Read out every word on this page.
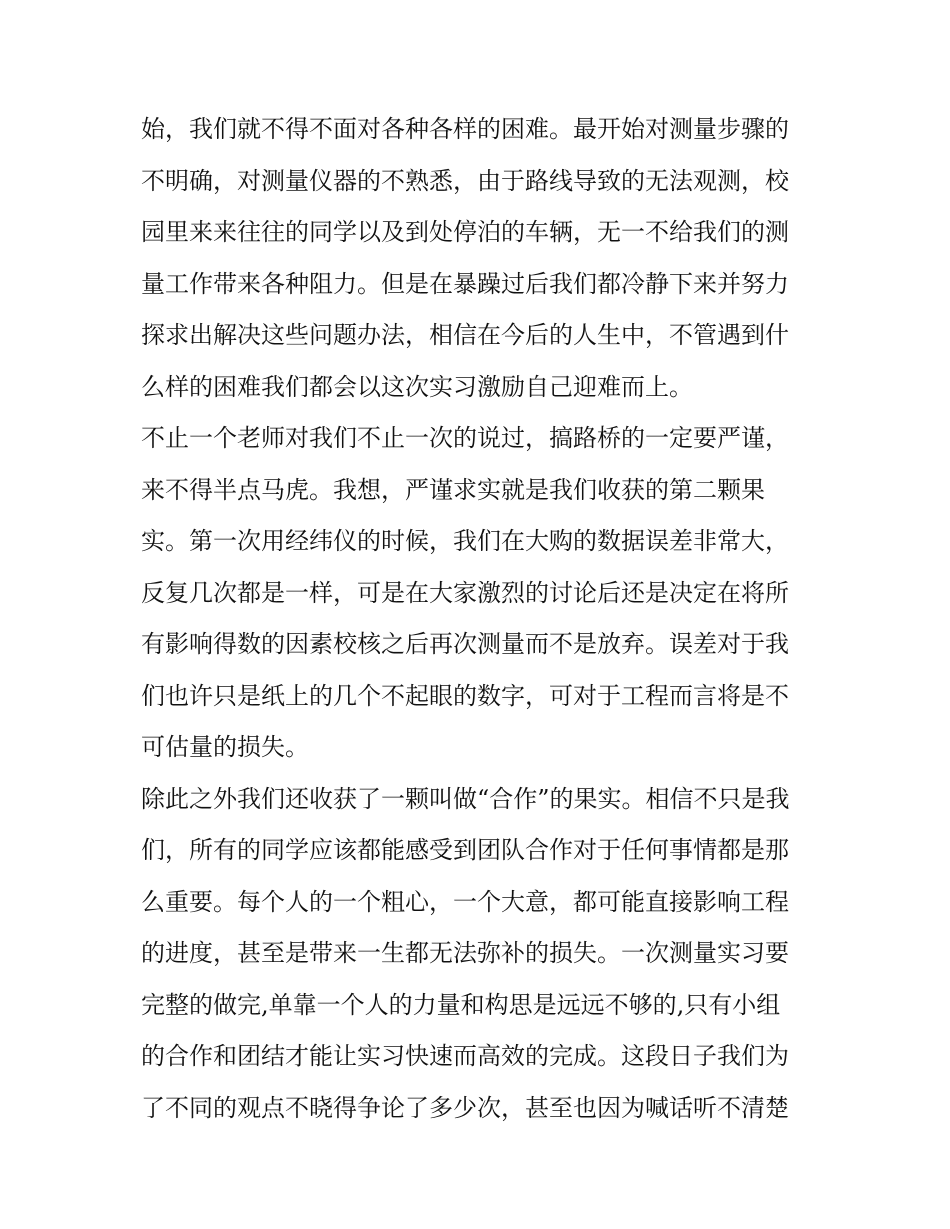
始，我们就不得不面对各种各样的困难。最开始对测量步骤的
不明确，对测量仪器的不熟悉，由于路线导致的无法观测，校
园里来来往往的同学以及到处停泊的车辆，无一不给我们的测
量工作带来各种阻力。但是在暴躁过后我们都冷静下来并努力
探求出解决这些问题办法，相信在今后的人生中，不管遇到什
么样的困难我们都会以这次实习激励自己迎难而上。
不止一个老师对我们不止一次的说过，搞路桥的一定要严谨，
来不得半点马虎。我想，严谨求实就是我们收获的第二颗果
实。第一次用经纬仪的时候，我们在大购的数据误差非常大，
反复几次都是一样，可是在大家激烈的讨论后还是决定在将所
有影响得数的因素校核之后再次测量而不是放弃。误差对于我
们也许只是纸上的几个不起眼的数字，可对于工程而言将是不
可估量的损失。
除此之外我们还收获了一颗叫做“合作”的果实。相信不只是我
们，所有的同学应该都能感受到团队合作对于任何事情都是那
么重要。每个人的一个粗心，一个大意，都可能直接影响工程
的进度，甚至是带来一生都无法弥补的损失。一次测量实习要
完整的做完,单靠一个人的力量和构思是远远不够的,只有小组
的合作和团结才能让实习快速而高效的完成。这段日子我们为
了不同的观点不晓得争论了多少次，甚至也因为喊话听不清楚
